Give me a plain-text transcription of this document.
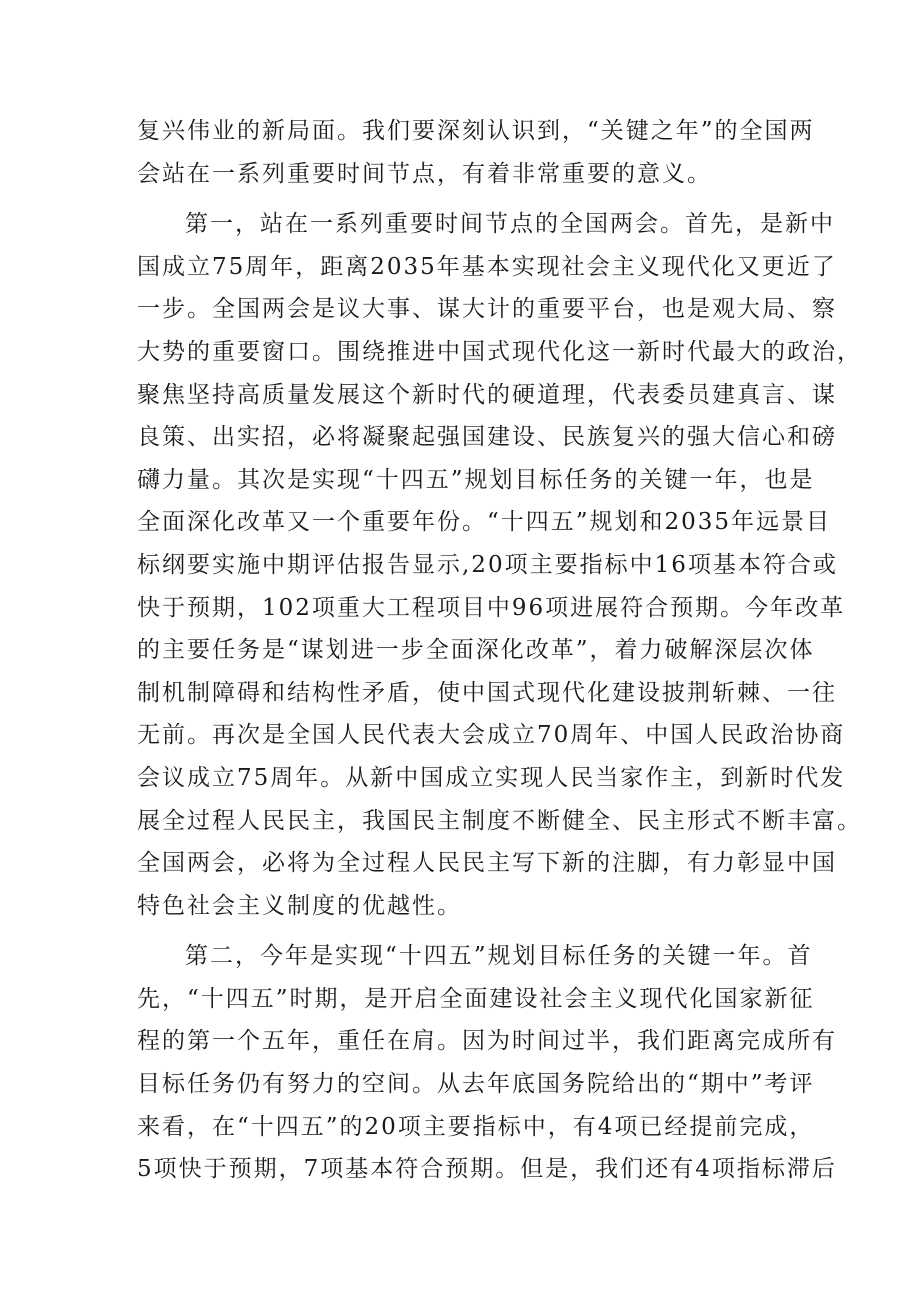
复兴伟业的新局面。我们要深刻认识到，“关键之年”的全国两
会站在一系列重要时间节点，有着非常重要的意义。
第一，站在一系列重要时间节点的全国两会。首先，是新中
国成立75周年，距离2035年基本实现社会主义现代化又更近了
一步。全国两会是议大事、谋大计的重要平台，也是观大局、察
大势的重要窗口。围绕推进中国式现代化这一新时代最大的政治，
聚焦坚持高质量发展这个新时代的硬道理，代表委员建真言、谋
良策、出实招，必将凝聚起强国建设、民族复兴的强大信心和磅
礴力量。其次是实现“十四五”规划目标任务的关键一年，也是
全面深化改革又一个重要年份。“十四五”规划和2035年远景目
标纲要实施中期评估报告显示,20项主要指标中16项基本符合或
快于预期，102项重大工程项目中96项进展符合预期。今年改革
的主要任务是“谋划进一步全面深化改革”，着力破解深层次体
制机制障碍和结构性矛盾，使中国式现代化建设披荆斩棘、一往
无前。再次是全国人民代表大会成立70周年、中国人民政治协商
会议成立75周年。从新中国成立实现人民当家作主，到新时代发
展全过程人民民主，我国民主制度不断健全、民主形式不断丰富。
全国两会，必将为全过程人民民主写下新的注脚，有力彰显中国
特色社会主义制度的优越性。
第二，今年是实现“十四五”规划目标任务的关键一年。首
先，“十四五”时期，是开启全面建设社会主义现代化国家新征
程的第一个五年，重任在肩。因为时间过半，我们距离完成所有
目标任务仍有努力的空间。从去年底国务院给出的“期中”考评
来看，在“十四五”的20项主要指标中，有4项已经提前完成，
5项快于预期，7项基本符合预期。但是，我们还有4项指标滞后
